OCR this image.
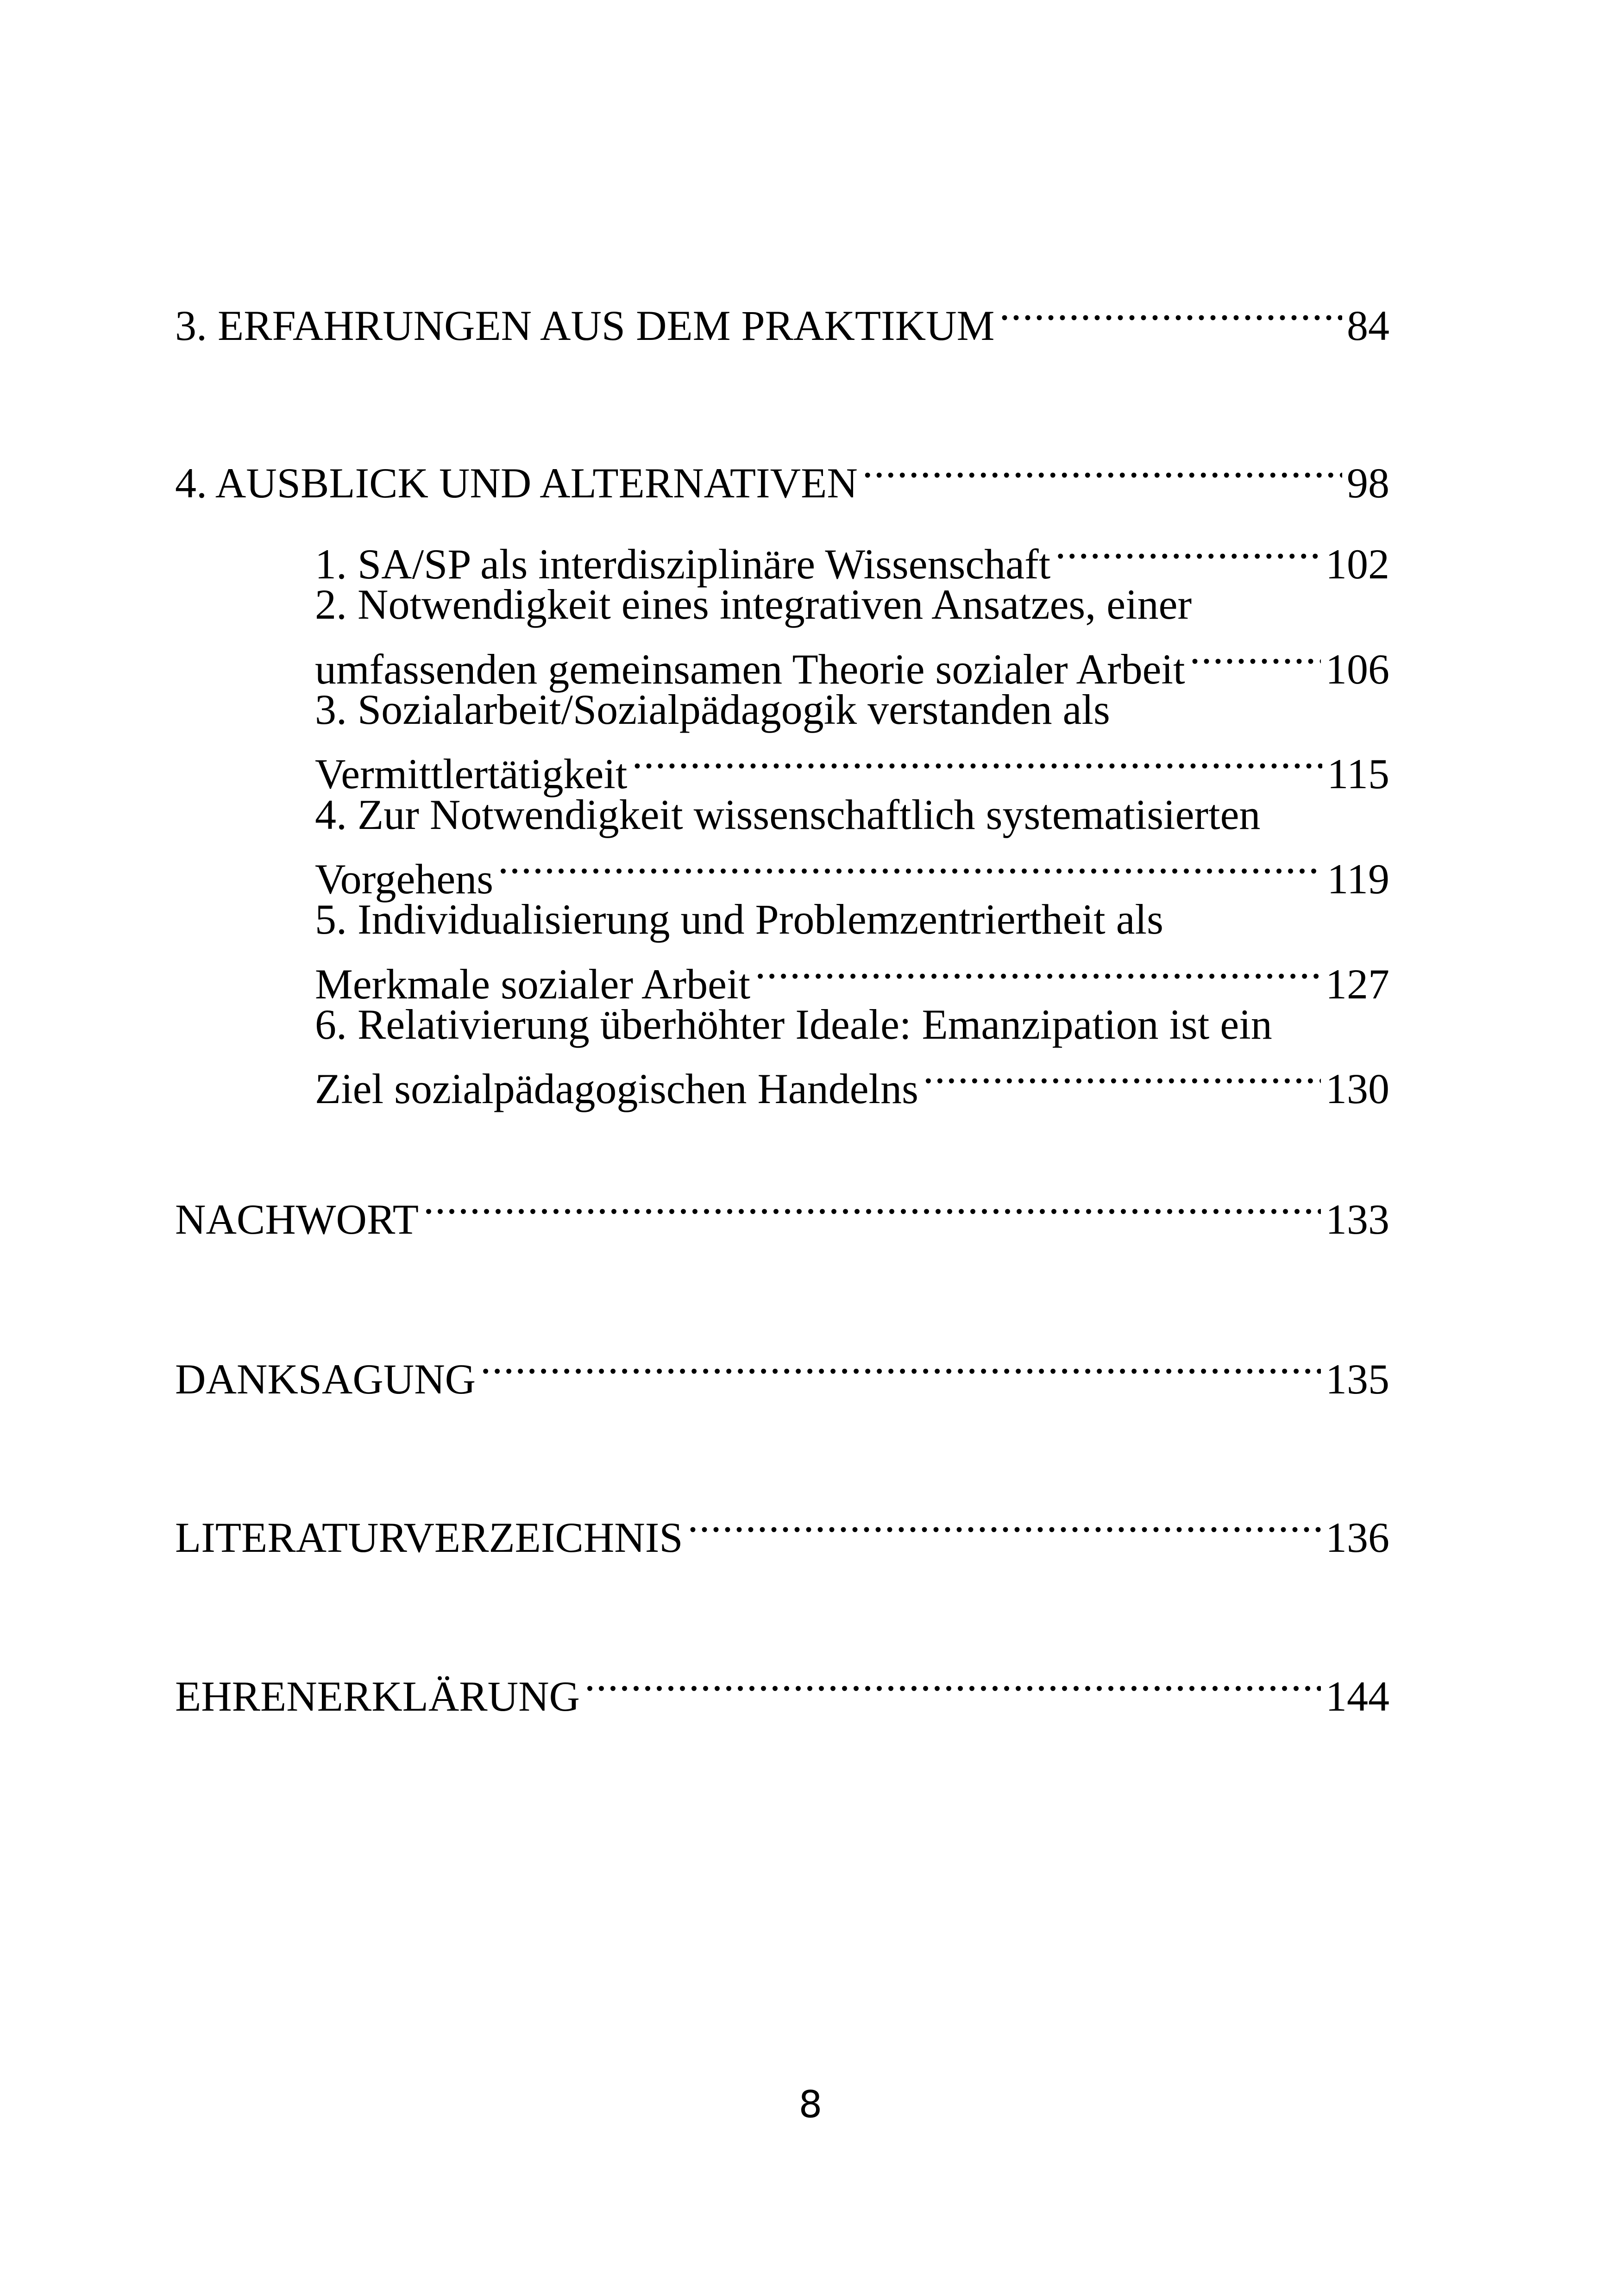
3. ERFAHRUNGEN AUS DEM PRAKTIKUM .....	84
4. AUSBLICK UND ALTERNATIVEN .....	98
1. SA/SP als interdisziplinäre Wissenschaft .....	102
2. Notwendigkeit eines integrativen Ansatzes, einer
umfassenden gemeinsamen Theorie sozialer Arbeit .....	106
3. Sozialarbeit/Sozialpädagogik verstanden als
Vermittlertätigkeit .....	115
4. Zur Notwendigkeit wissenschaftlich systematisierten
Vorgehens .....	119
5. Individualisierung und Problemzentriertheit als
Merkmale sozialer Arbeit .....	127
6. Relativierung überhöhter Ideale: Emanzipation ist ein
Ziel sozialpädagogischen Handelns .....	130
NACHWORT .....	133
DANKSAGUNG .....	135
LITERATURVERZEICHNIS .....	136
EHRENERKLÄRUNG .....	144
8
